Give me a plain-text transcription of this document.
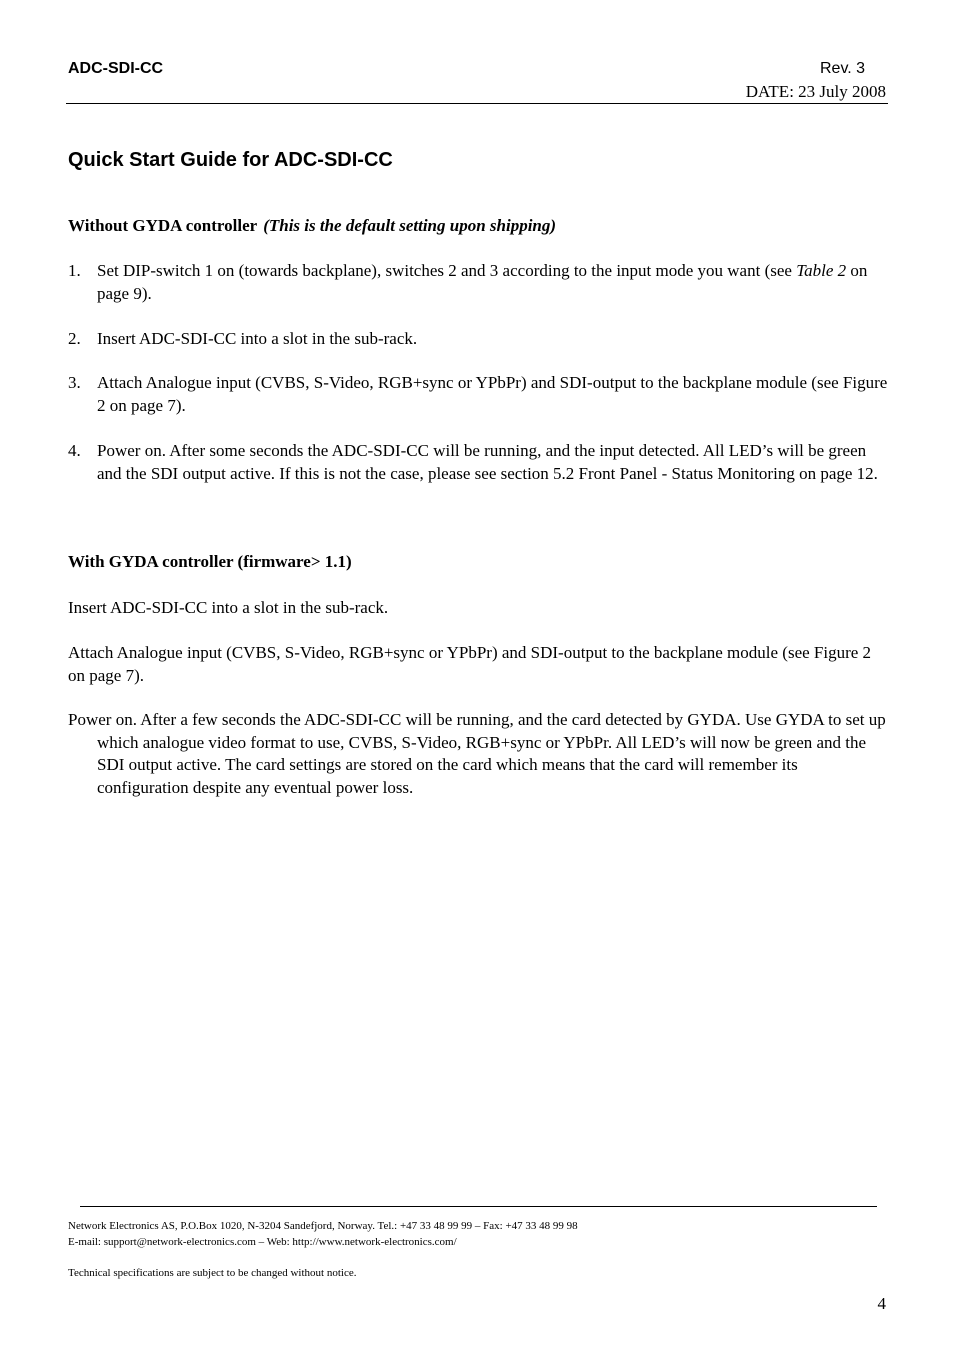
ADC-SDI-CC	Rev. 3
DATE: 23 July 2008
Quick Start Guide for ADC-SDI-CC
Without GYDA controller (This is the default setting upon shipping)
1. Set DIP-switch 1 on (towards backplane), switches 2 and 3 according to the input mode you want (see Table 2 on page 9).
2. Insert ADC-SDI-CC into a slot in the sub-rack.
3. Attach Analogue input (CVBS, S-Video, RGB+sync or YPbPr) and SDI-output to the backplane module (see Figure 2 on page 7).
4. Power on. After some seconds the ADC-SDI-CC will be running, and the input detected. All LED’s will be green and the SDI output active. If this is not the case, please see section 5.2 Front Panel - Status Monitoring on page 12.
With GYDA controller (firmware> 1.1)
Insert ADC-SDI-CC into a slot in the sub-rack.
Attach Analogue input (CVBS, S-Video, RGB+sync or YPbPr) and SDI-output to the backplane module (see Figure 2 on page 7).
Power on. After a few seconds the ADC-SDI-CC will be running, and the card detected by GYDA. Use GYDA to set up which analogue video format to use, CVBS, S-Video, RGB+sync or YPbPr. All LED’s will now be green and the SDI output active. The card settings are stored on the card which means that the card will remember its configuration despite any eventual power loss.
Network Electronics AS, P.O.Box 1020, N-3204 Sandefjord, Norway. Tel.: +47 33 48 99 99 – Fax: +47 33 48 99 98
E-mail: support@network-electronics.com – Web: http://www.network-electronics.com/
Technical specifications are subject to be changed without notice.
4
